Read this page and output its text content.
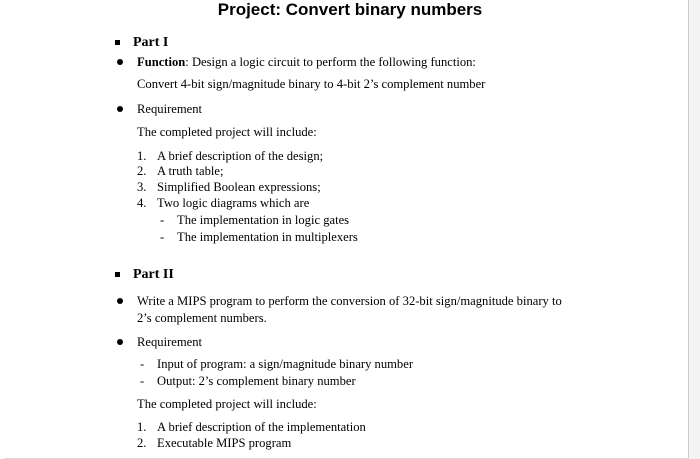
Project: Convert binary numbers
Part I
Function: Design a logic circuit to perform the following function:
Convert 4-bit sign/magnitude binary to 4-bit 2’s complement number
Requirement
The completed project will include:
1. A brief description of the design;
2. A truth table;
3. Simplified Boolean expressions;
4. Two logic diagrams which are
- The implementation in logic gates
- The implementation in multiplexers
Part II
Write a MIPS program to perform the conversion of 32-bit sign/magnitude binary to
2’s complement numbers.
Requirement
- Input of program: a sign/magnitude binary number
- Output: 2’s complement binary number
The completed project will include:
1. A brief description of the implementation
2. Executable MIPS program
